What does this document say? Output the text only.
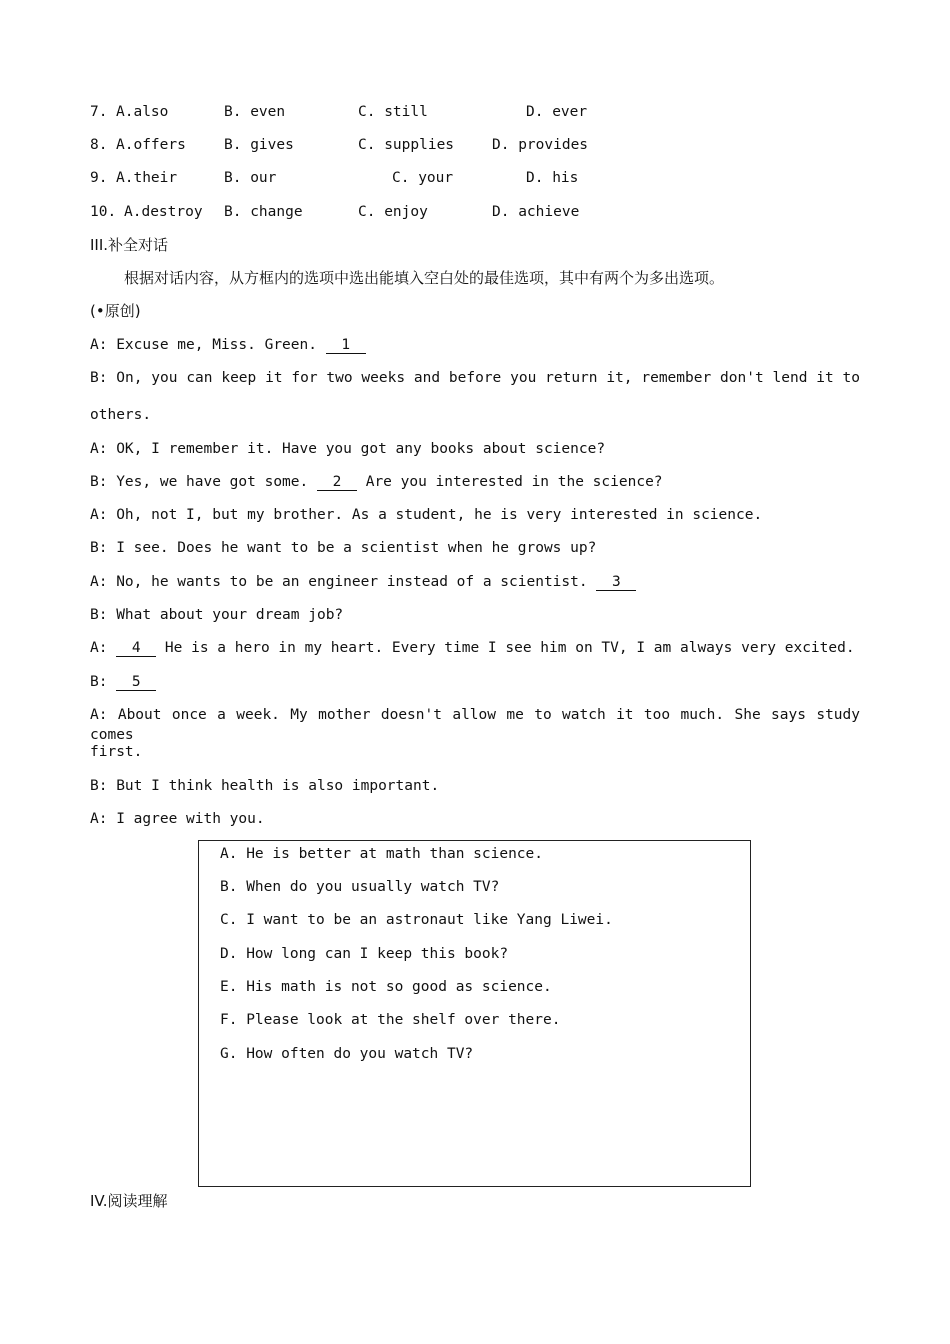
7. A.also	B. even	C. still	D. ever
8. A.offers	B. gives	C. supplies	D. provides
9. A.their	B. our	C. your	D. his
10. A.destroy B. change	C. enjoy	D. achieve
III.补全对话
根据对话内容，从方框内的选项中选出能填入空白处的最佳选项，其中有两个为多出选项。
(•原创)
A: Excuse me, Miss. Green. 1
B: On, you can keep it for two weeks and before you return it, remember don't lend it to
others.
A: OK, I remember it. Have you got any books about science?
B: Yes, we have got some. 2 Are you interested in the science?
A: Oh, not I, but my brother. As a student, he is very interested in science.
B: I see. Does he want to be a scientist when he grows up?
A: No, he wants to be an engineer instead of a scientist. 3
B: What about your dream job?
A: 4 He is a hero in my heart. Every time I see him on TV, I am always very excited.
B: 5
A: About once a week. My mother doesn't allow me to watch it too much. She says study comes
first.
B: But I think health is also important.
A: I agree with you.
A. He is better at math than science.
B. When do you usually watch TV?
C. I want to be an astronaut like Yang Liwei.
D. How long can I keep this book?
E. His math is not so good as science.
F. Please look at the shelf over there.
G. How often do you watch TV?
IV.阅读理解
